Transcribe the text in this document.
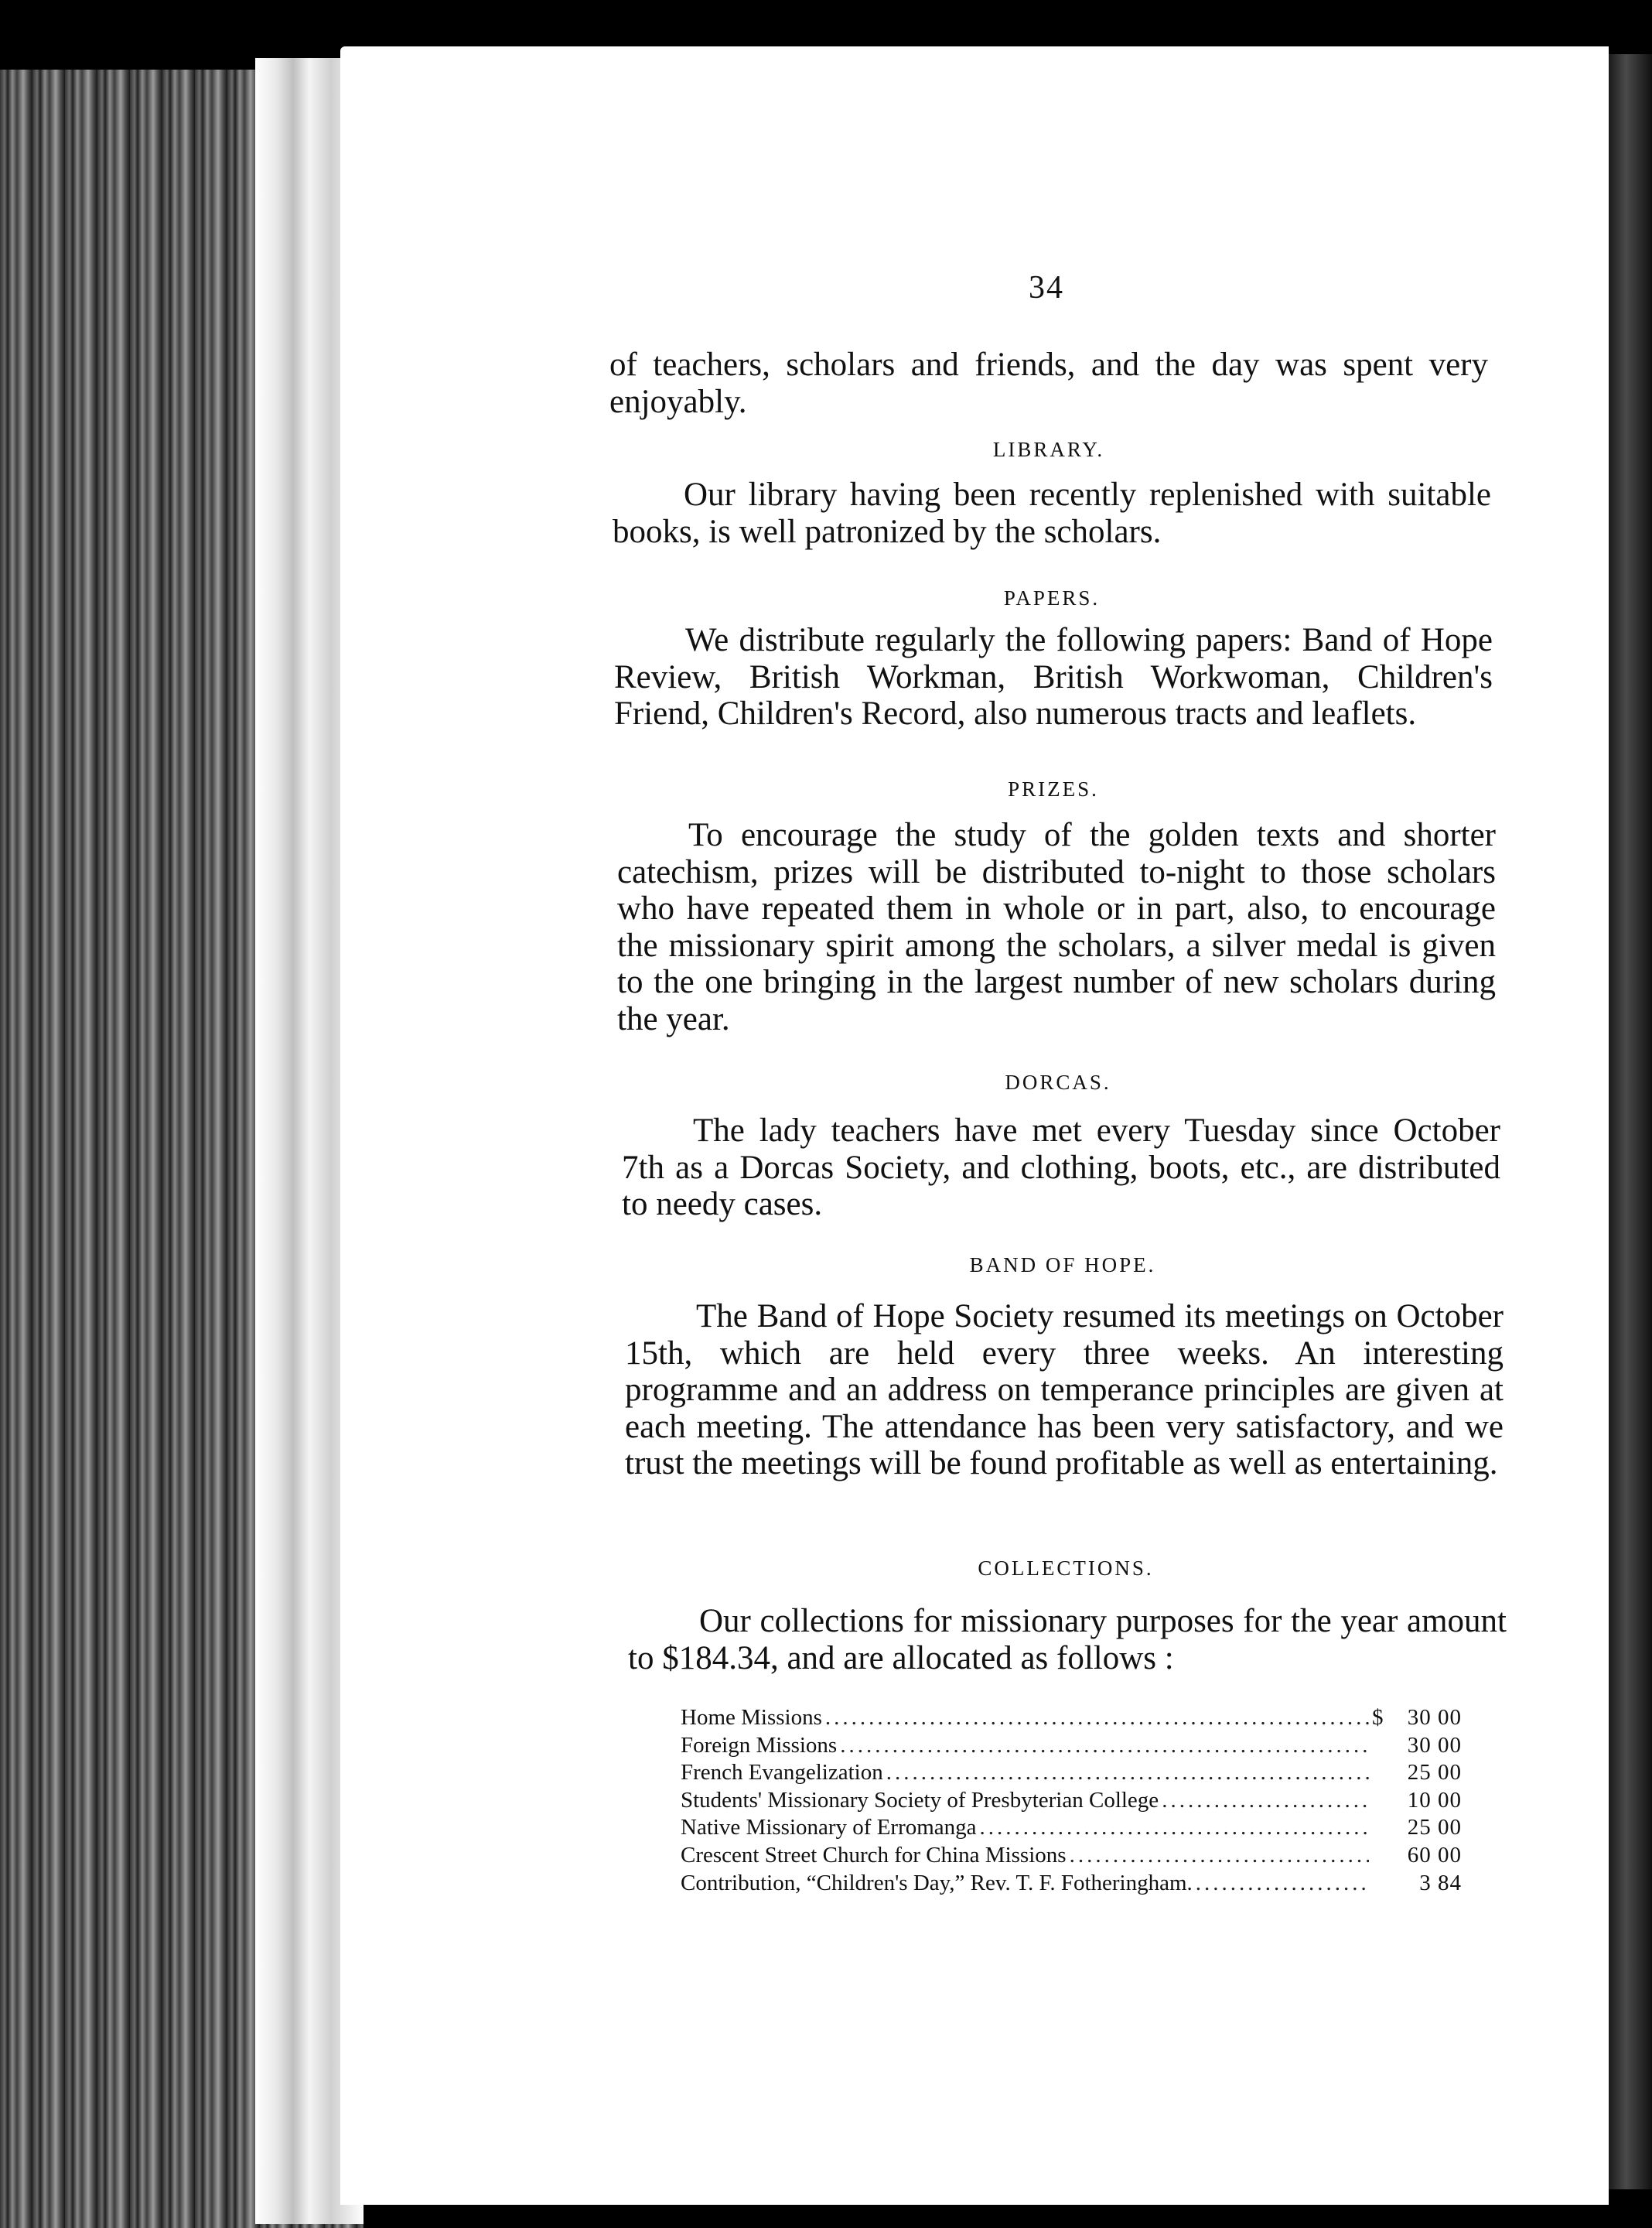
34

of teachers, scholars and friends, and the day was spent very enjoyably.

LIBRARY.

Our library having been recently replenished with suitable books, is well patronized by the scholars.

PAPERS.

We distribute regularly the following papers: Band of Hope Review, British Workman, British Workwoman, Children's Friend, Children's Record, also numerous tracts and leaflets.

PRIZES.

To encourage the study of the golden texts and shorter catechism, prizes will be distributed to-night to those scholars who have repeated them in whole or in part, also, to encourage the missionary spirit among the scholars, a silver medal is given to the one bringing in the largest number of new scholars during the year.

DORCAS.

The lady teachers have met every Tuesday since October 7th as a Dorcas Society, and clothing, boots, etc., are distributed to needy cases.

BAND OF HOPE.

The Band of Hope Society resumed its meetings on October 15th, which are held every three weeks. An interesting programme and an address on temperance principles are given at each meeting. The attendance has been very satisfactory, and we trust the meetings will be found profitable as well as entertaining.

COLLECTIONS.

Our collections for missionary purposes for the year amount to $184.34, and are allocated as follows :

Home Missions .....	$	30 00
Foreign Missions .....	30 00
French Evangelization .....	25 00
Students' Missionary Society of Presbyterian College .....	10 00
Native Missionary of Erromanga .....	25 00
Crescent Street Church for China Missions .....	60 00
Contribution, “Children's Day,” Rev. T. F. Fotheringham. .....	3 84
